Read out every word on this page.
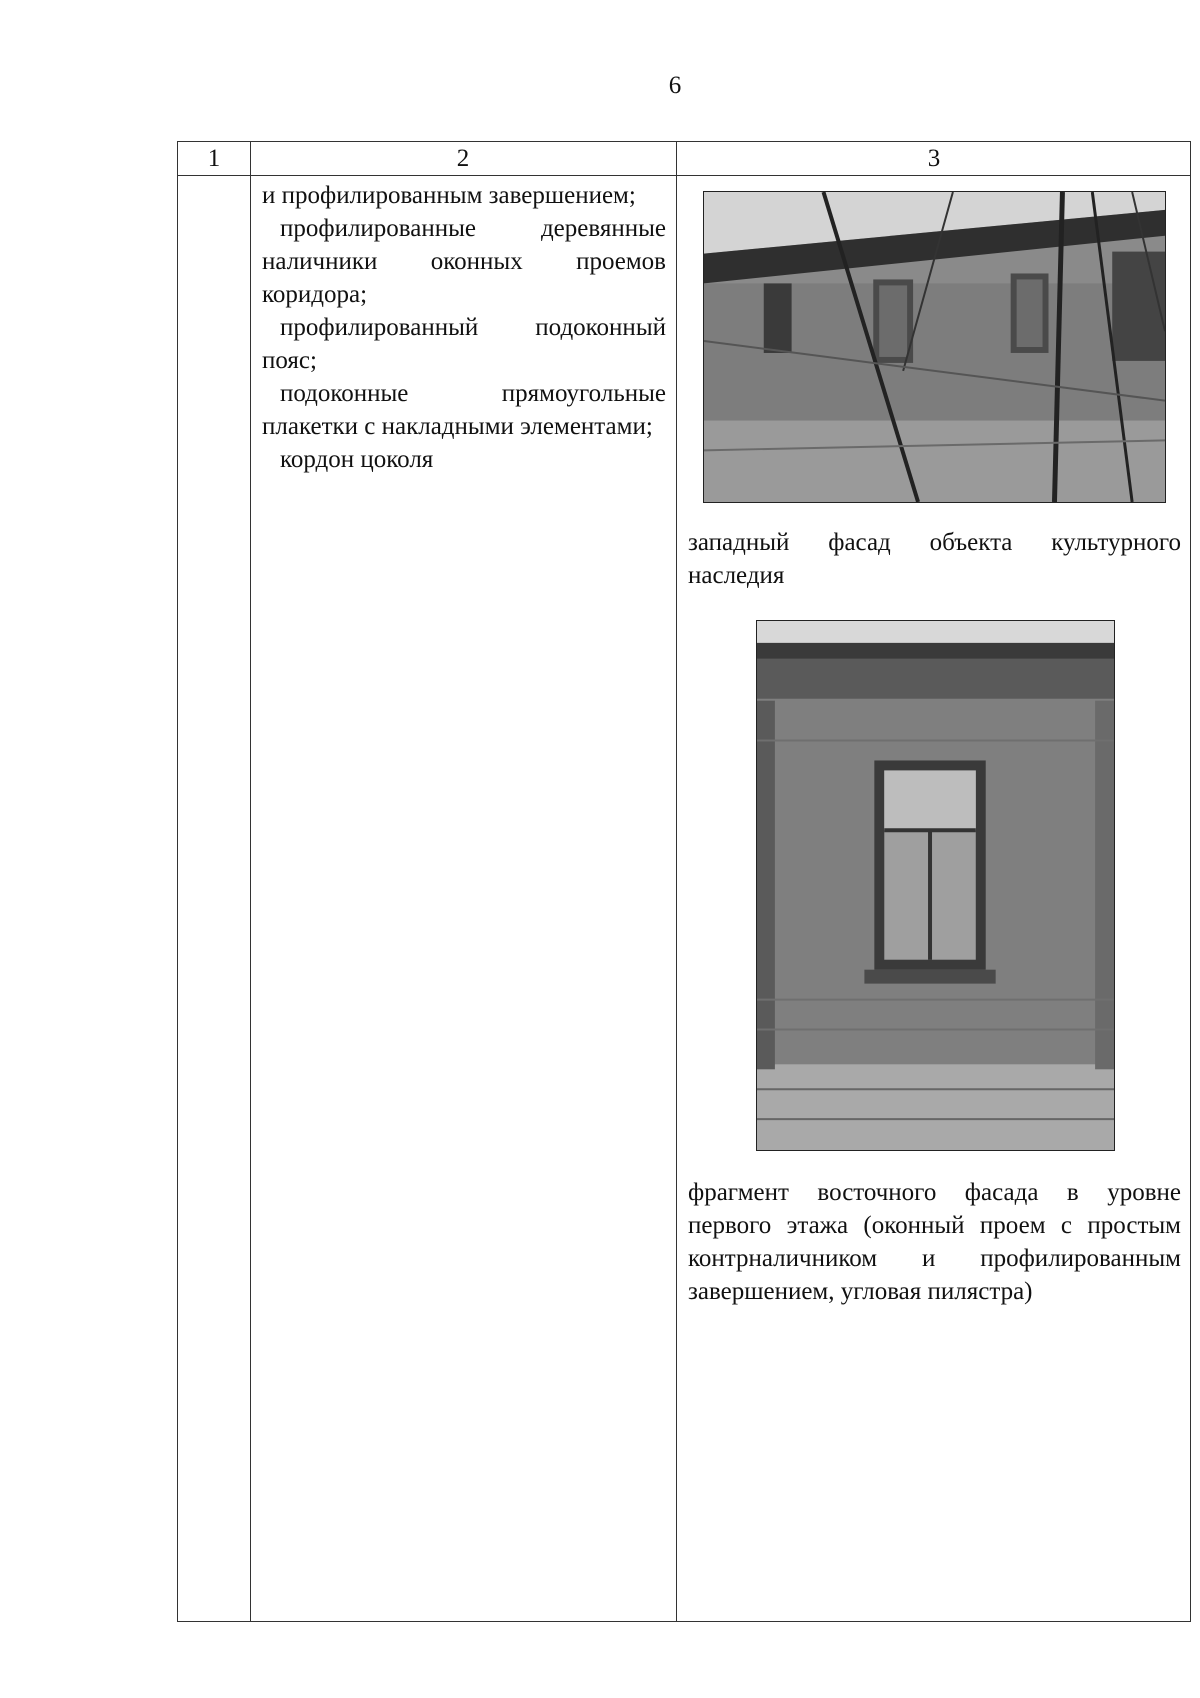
6
1	2	3

и профилированным завершением;

профилированные деревянные наличники оконных проемов коридора;

профилированный подоконный пояс;

подоконные прямоугольные плакетки с накладными элементами;

кордон цоколя

западный фасад объекта культурного наследия
фрагмент восточного фасада в уровне первого этажа (оконный проем с простым контрналичником и профилированным завершением, угловая пилястра)
